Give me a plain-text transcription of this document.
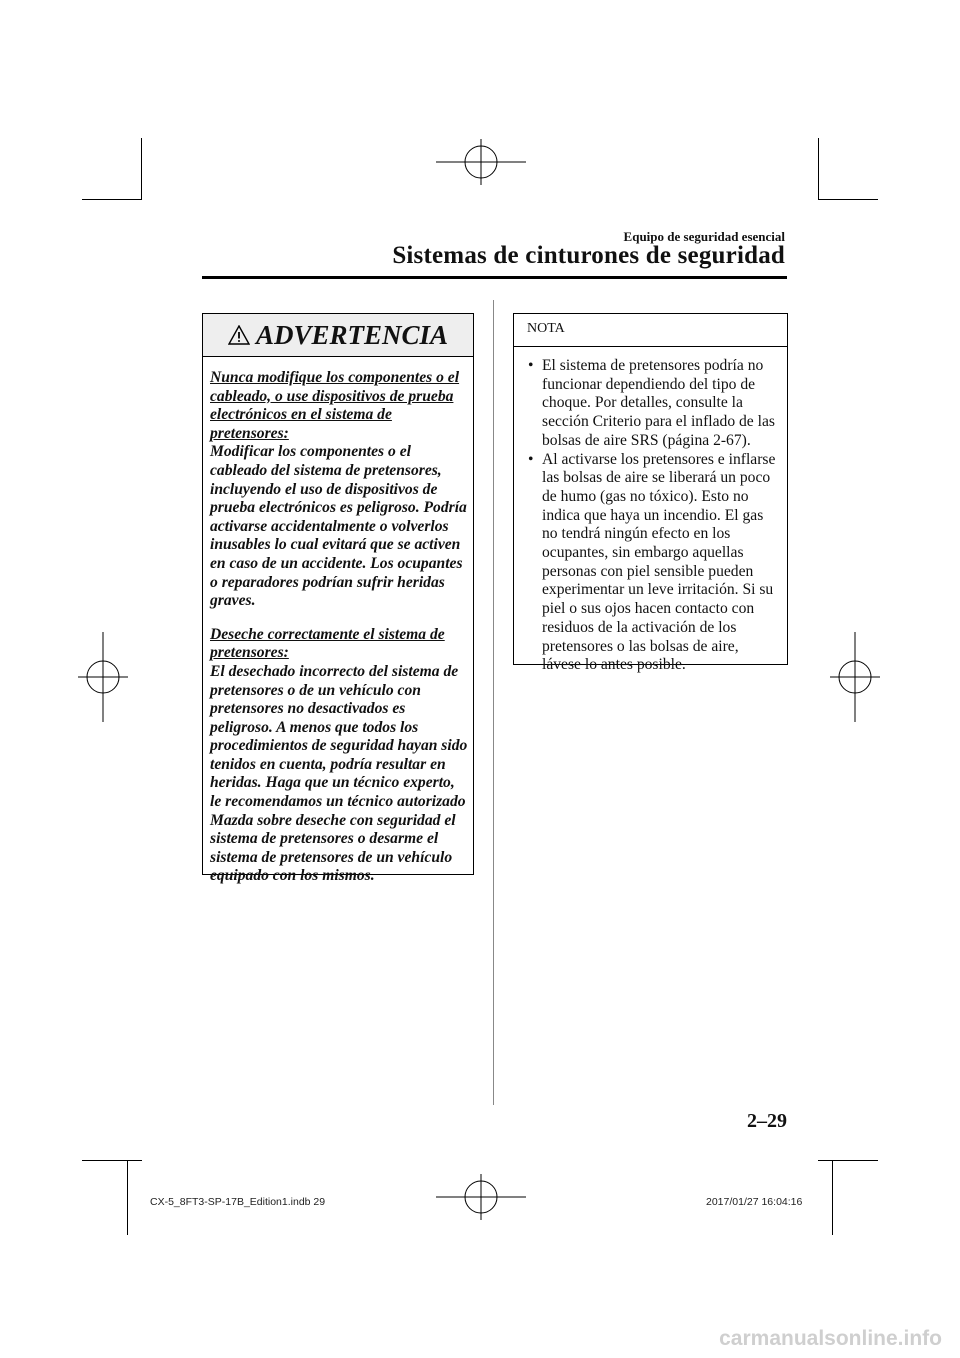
Equipo de seguridad esencial
Sistemas de cinturones de seguridad
ADVERTENCIA

Nunca modifique los componentes o el cableado, o use dispositivos de prueba electrónicos en el sistema de pretensores:
Modificar los componentes o el cableado del sistema de pretensores, incluyendo el uso de dispositivos de prueba electrónicos es peligroso. Podría activarse accidentalmente o volverlos inusables lo cual evitará que se activen en caso de un accidente. Los ocupantes o reparadores podrían sufrir heridas graves.

Deseche correctamente el sistema de pretensores:
El desechado incorrecto del sistema de pretensores o de un vehículo con pretensores no desactivados es peligroso. A menos que todos los procedimientos de seguridad hayan sido tenidos en cuenta, podría resultar en heridas. Haga que un técnico experto, le recomendamos un técnico autorizado Mazda sobre deseche con seguridad el sistema de pretensores o desarme el sistema de pretensores de un vehículo equipado con los mismos.

NOTA
• El sistema de pretensores podría no funcionar dependiendo del tipo de choque. Por detalles, consulte la sección Criterio para el inflado de las bolsas de aire SRS (página 2-67).
• Al activarse los pretensores e inflarse las bolsas de aire se liberará un poco de humo (gas no tóxico). Esto no indica que haya un incendio. El gas no tendrá ningún efecto en los ocupantes, sin embargo aquellas personas con piel sensible pueden experimentar un leve irritación. Si su piel o sus ojos hacen contacto con residuos de la activación de los pretensores o las bolsas de aire, lávese lo antes posible.
2–29
CX-5_8FT3-SP-17B_Edition1.indb 29	2017/01/27 16:04:16
carmanualsonline.info
